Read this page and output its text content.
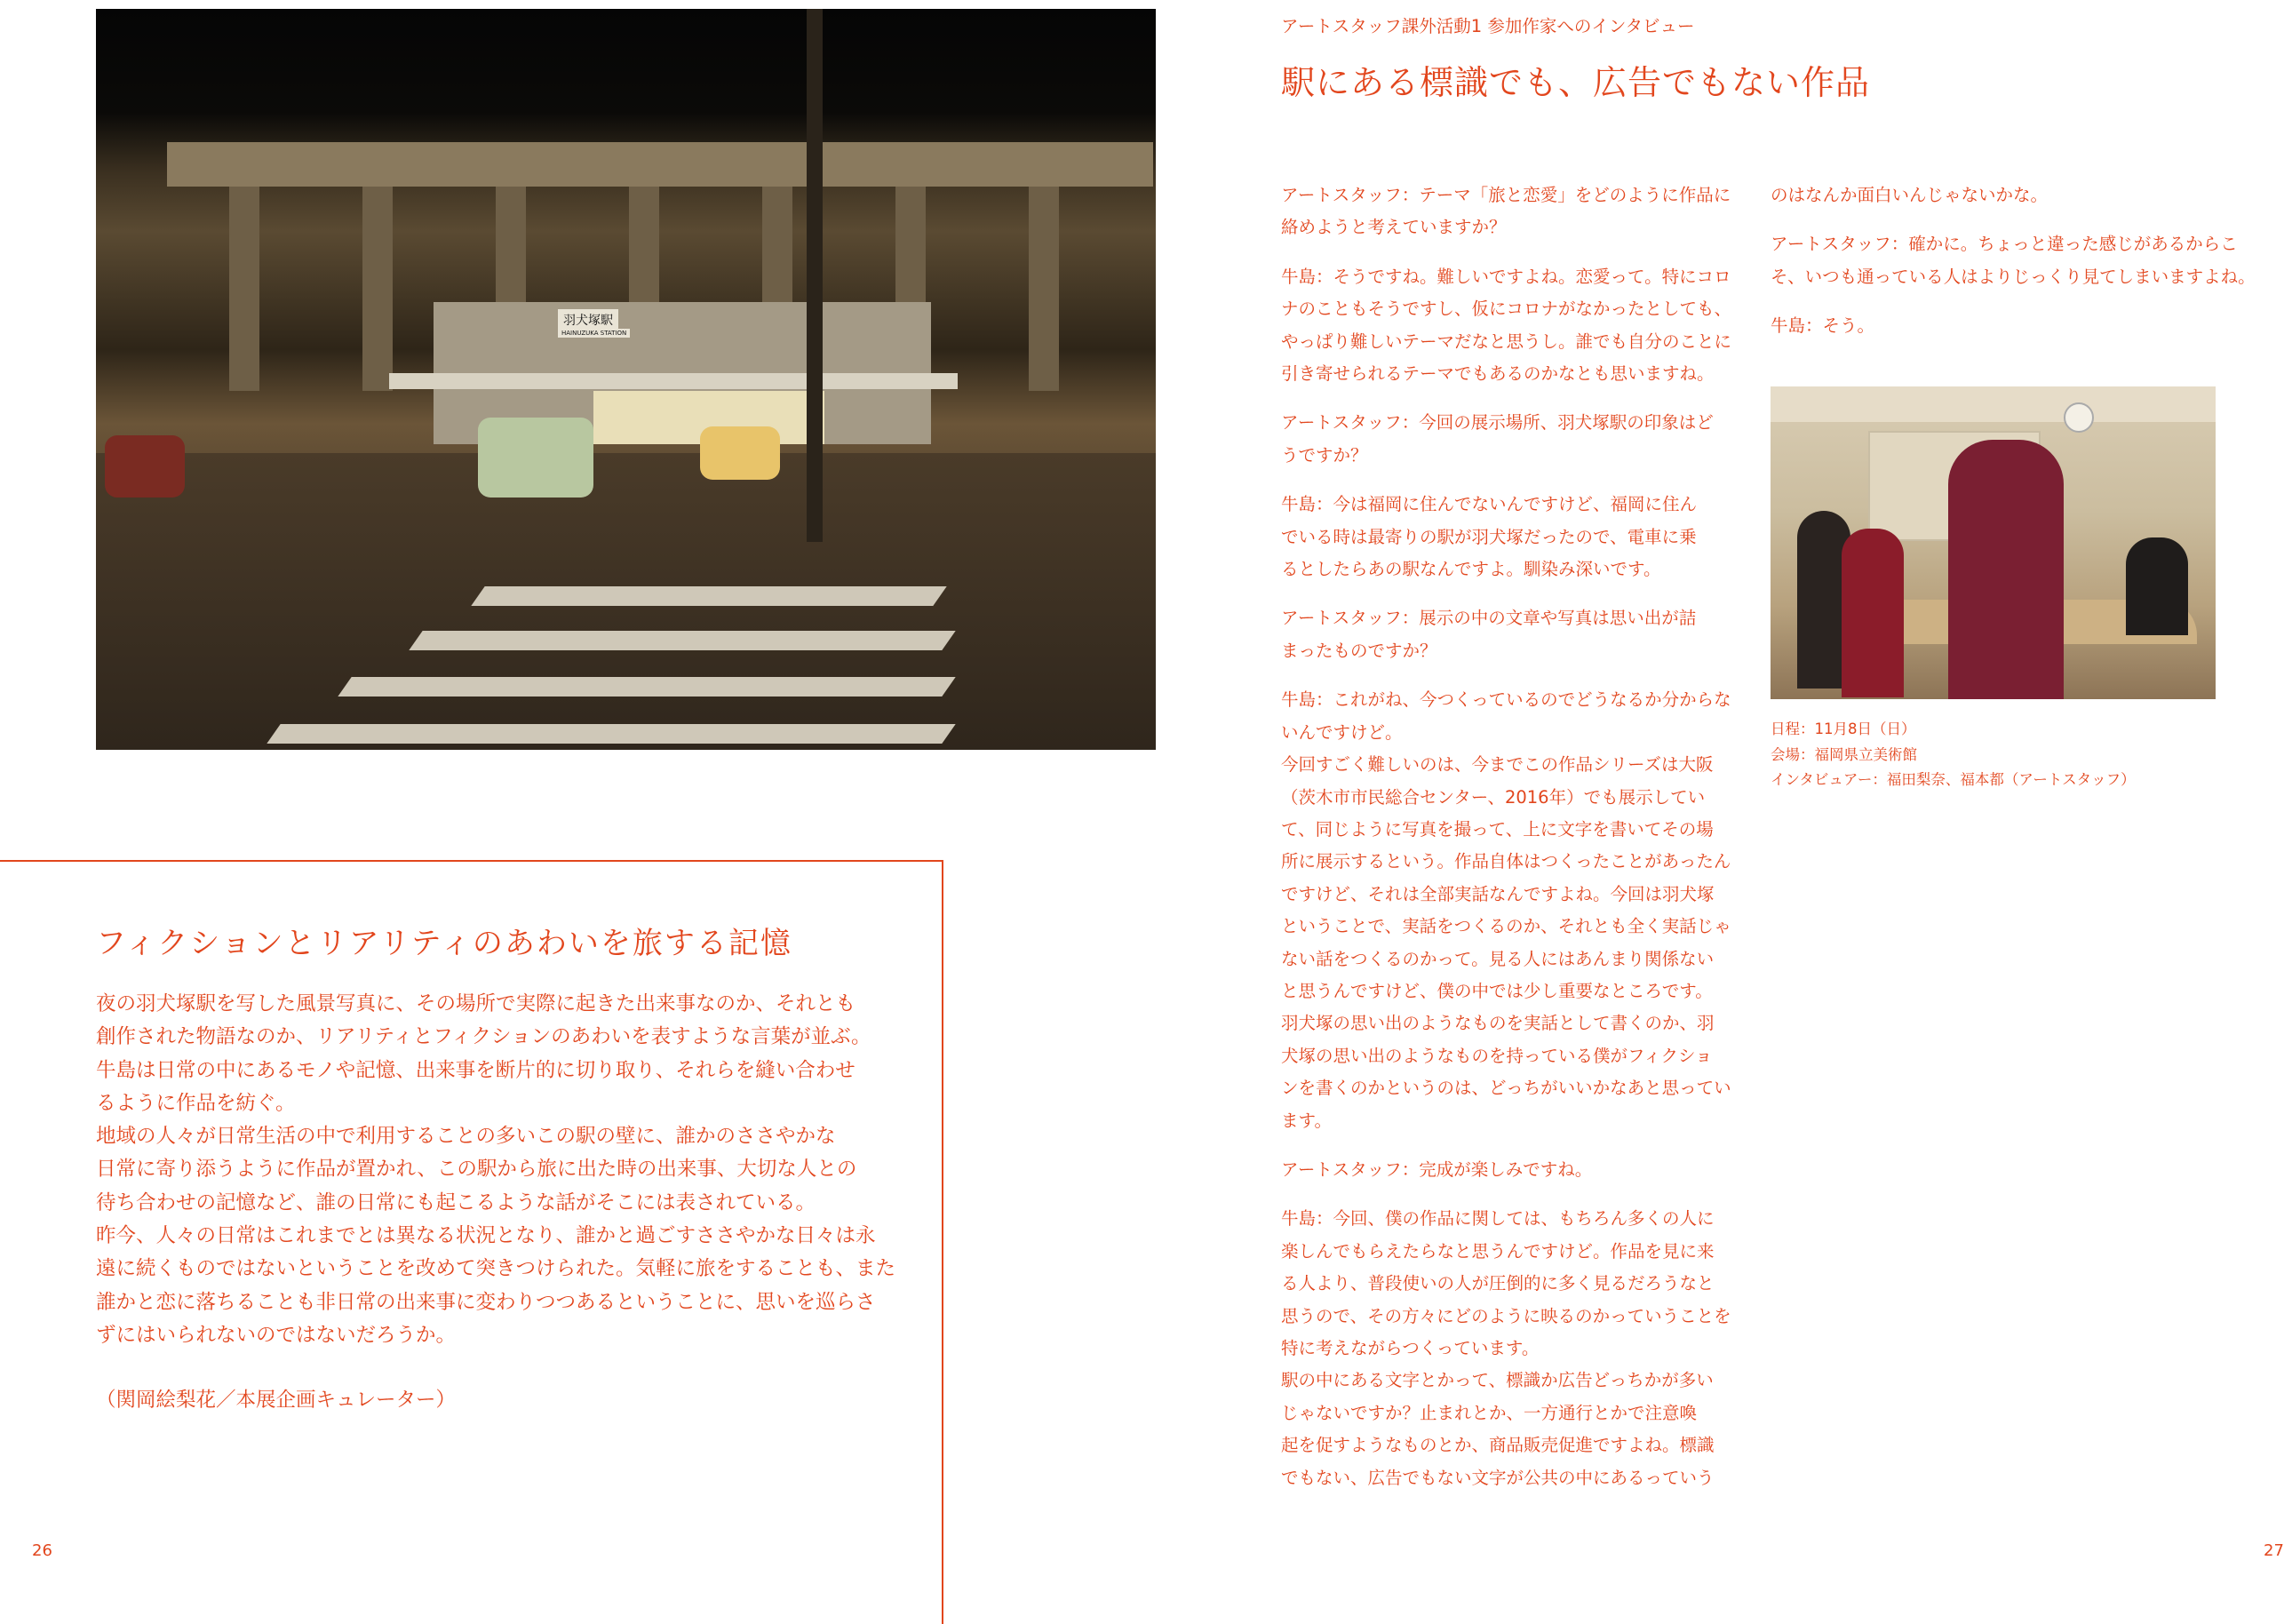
羽犬塚駅
HAINUZUKA STATION
フィクションとリアリティのあわいを旅する記憶

夜の羽犬塚駅を写した風景写真に、その場所で実際に起きた出来事なのか、それとも

創作された物語なのか、リアリティとフィクションのあわいを表すような言葉が並ぶ。

牛島は日常の中にあるモノや記憶、出来事を断片的に切り取り、それらを縫い合わせ

るように作品を紡ぐ。

地域の人々が日常生活の中で利用することの多いこの駅の壁に、誰かのささやかな

日常に寄り添うように作品が置かれ、この駅から旅に出た時の出来事、大切な人との

待ち合わせの記憶など、誰の日常にも起こるような話がそこには表されている。

昨今、人々の日常はこれまでとは異なる状況となり、誰かと過ごすささやかな日々は永

遠に続くものではないということを改めて突きつけられた。気軽に旅をすることも、また

誰かと恋に落ちることも非日常の出来事に変わりつつあるということに、思いを巡らさ

ずにはいられないのではないだろうか。

（関岡絵梨花／本展企画キュレーター）
26
アートスタッフ課外活動1 参加作家へのインタビュー
駅にある標識でも、広告でもない作品

アートスタッフ：テーマ「旅と恋愛」をどのように作品に
絡めようと考えていますか？

牛島：そうですね。難しいですよね。恋愛って。特にコロ
ナのこともそうですし、仮にコロナがなかったとしても、
やっぱり難しいテーマだなと思うし。誰でも自分のことに
引き寄せられるテーマでもあるのかなとも思いますね。

アートスタッフ：今回の展示場所、羽犬塚駅の印象はど
うですか？

牛島：今は福岡に住んでないんですけど、福岡に住ん
でいる時は最寄りの駅が羽犬塚だったので、電車に乗
るとしたらあの駅なんですよ。馴染み深いです。

アートスタッフ：展示の中の文章や写真は思い出が詰
まったものですか？

牛島：これがね、今つくっているのでどうなるか分からな
いんですけど。

今回すごく難しいのは、今までこの作品シリーズは大阪
（茨木市市民総合センター、2016年）でも展示してい
て、同じように写真を撮って、上に文字を書いてその場
所に展示するという。作品自体はつくったことがあったん
ですけど、それは全部実話なんですよね。今回は羽犬塚
ということで、実話をつくるのか、それとも全く実話じゃ
ない話をつくるのかって。見る人にはあんまり関係ない
と思うんですけど、僕の中では少し重要なところです。
羽犬塚の思い出のようなものを実話として書くのか、羽
犬塚の思い出のようなものを持っている僕がフィクショ
ンを書くのかというのは、どっちがいいかなあと思ってい
ます。

アートスタッフ：完成が楽しみですね。

牛島：今回、僕の作品に関しては、もちろん多くの人に
楽しんでもらえたらなと思うんですけど。作品を見に来
る人より、普段使いの人が圧倒的に多く見るだろうなと
思うので、その方々にどのように映るのかっていうことを
特に考えながらつくっています。

駅の中にある文字とかって、標識か広告どっちかが多い
じゃないですか？止まれとか、一方通行とかで注意喚
起を促すようなものとか、商品販売促進ですよね。標識
でもない、広告でもない文字が公共の中にあるっていう

のはなんか面白いんじゃないかな。

アートスタッフ：確かに。ちょっと違った感じがあるからこ
そ、いつも通っている人はよりじっくり見てしまいますよね。

牛島：そう。

日程：11月8日（日）
会場：福岡県立美術館
インタビュアー：福田梨奈、福本都（アートスタッフ）
27
